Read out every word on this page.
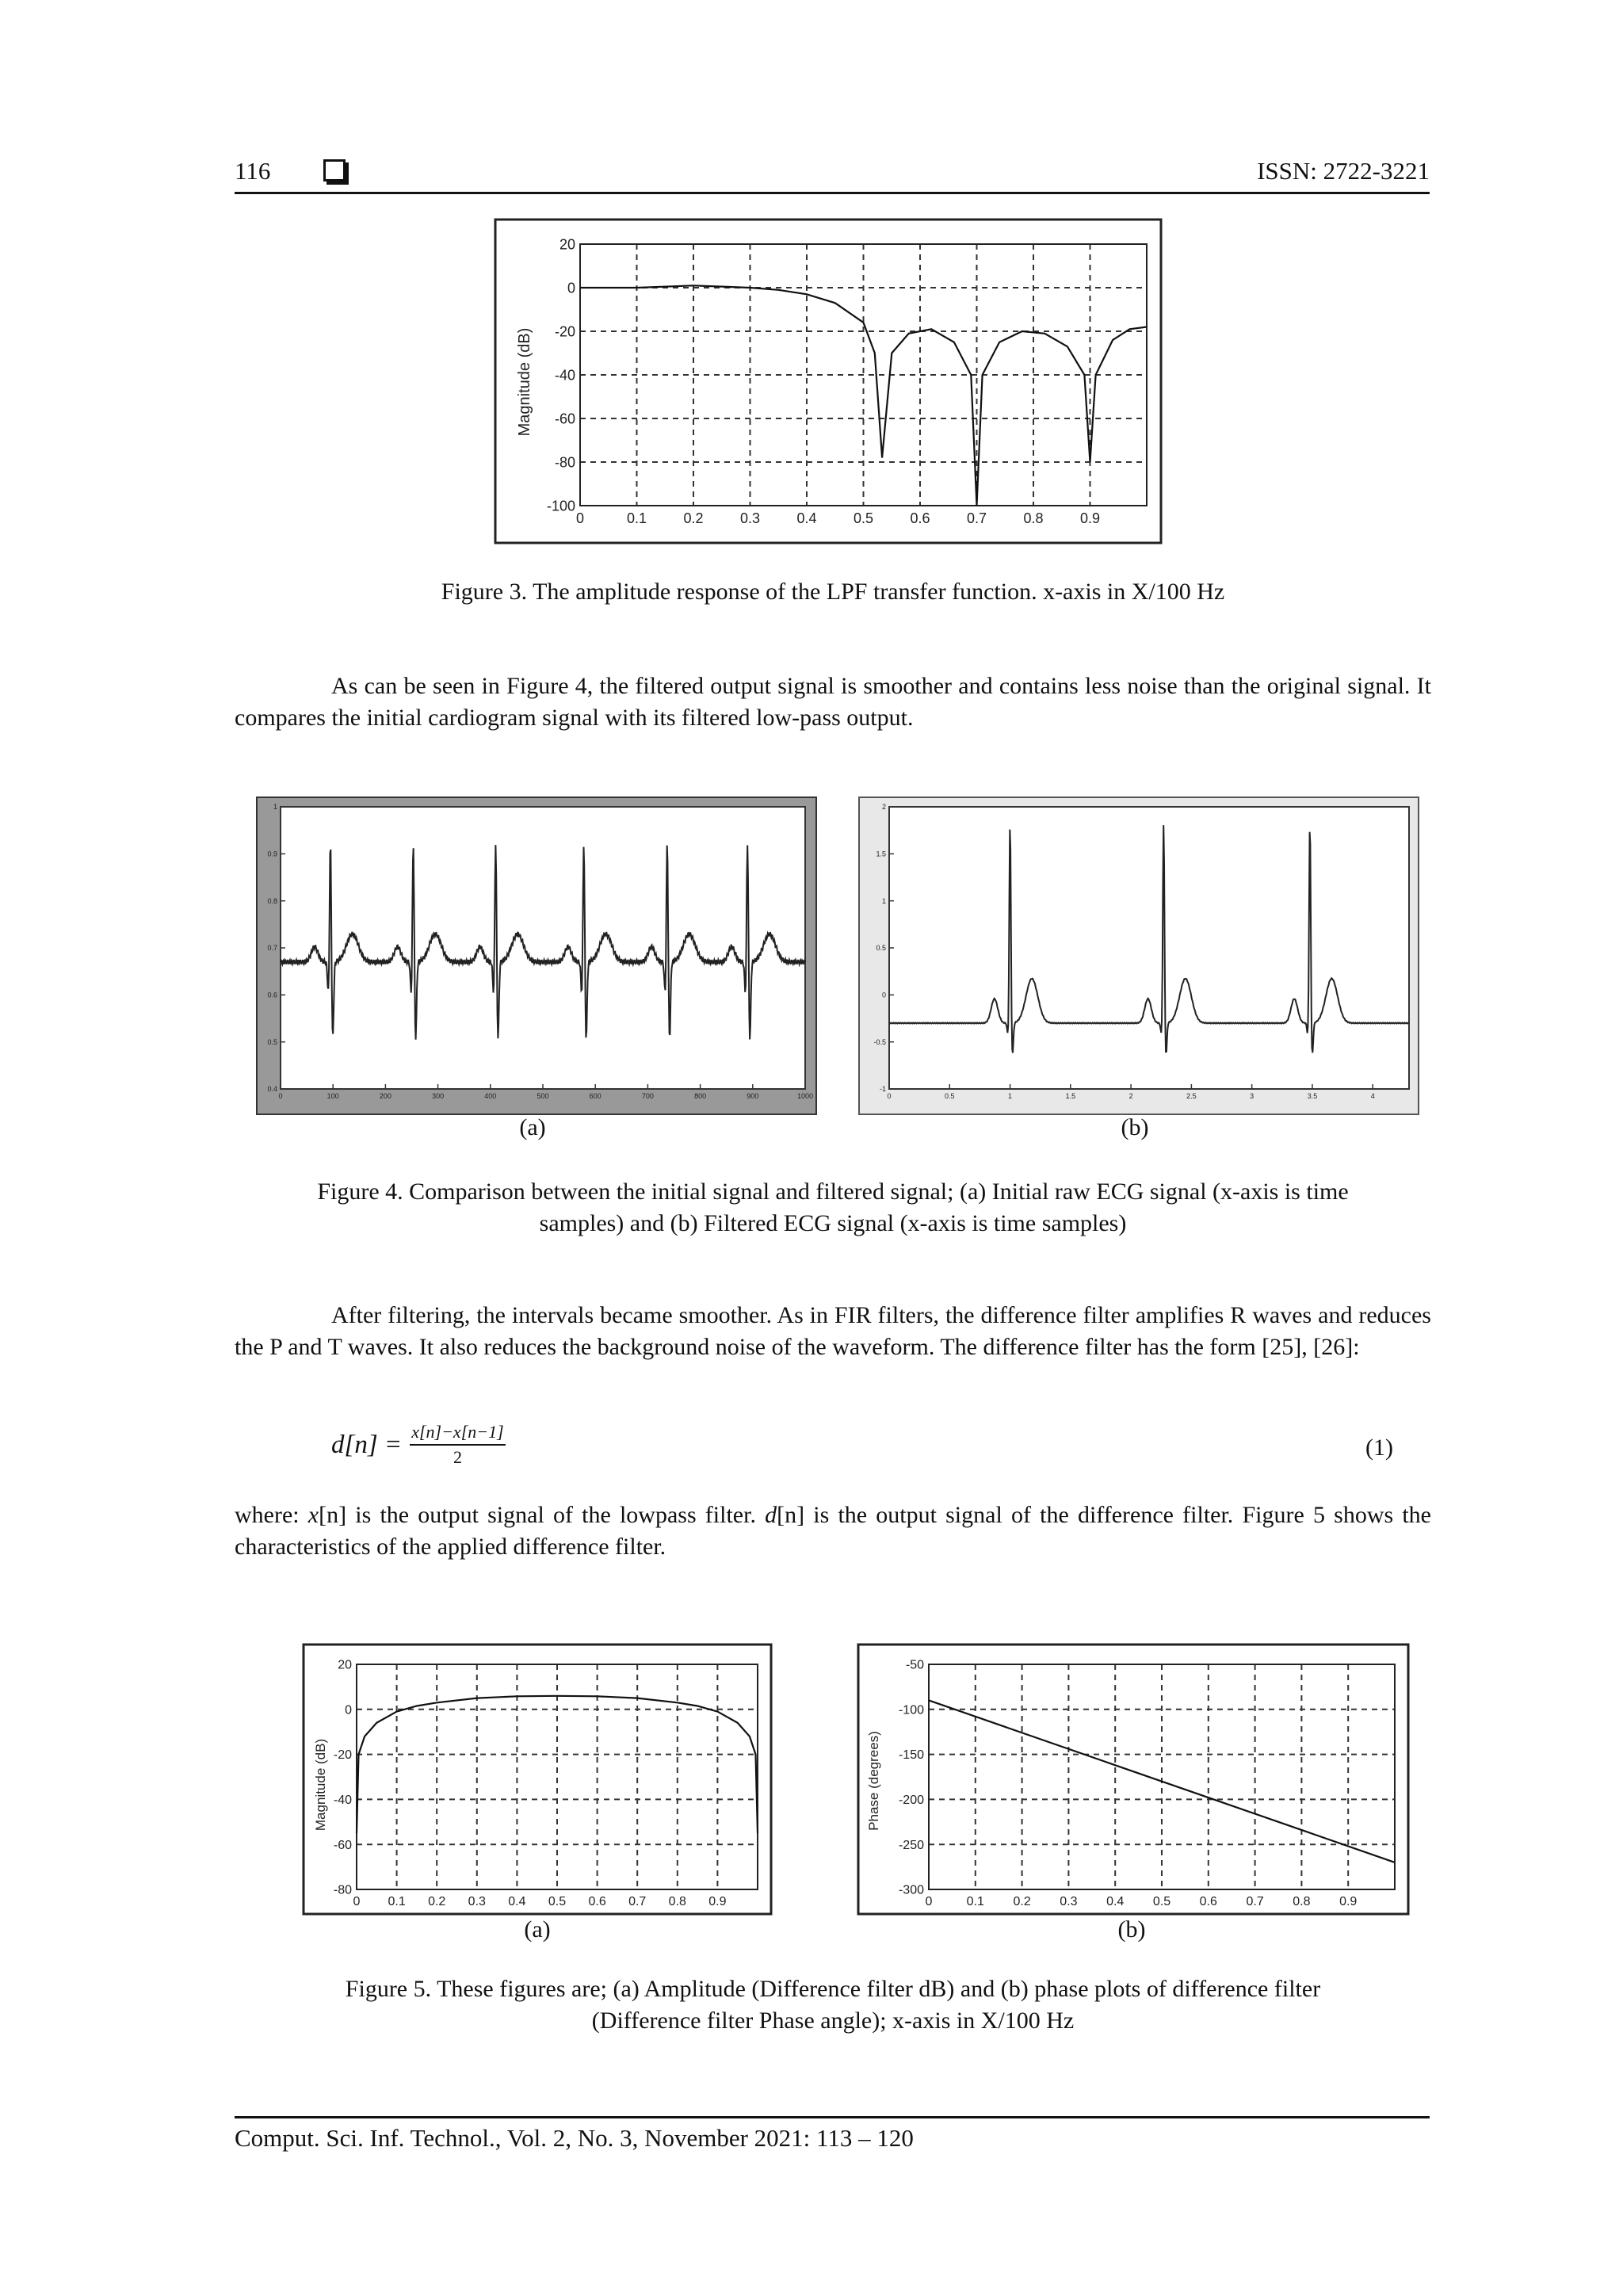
116	ISSN: 2722-3221
Magnitude (dB)
0	0.1	0.2	0.3	0.4	0.5	0.6	0.7	0.8	0.9
20
0
-20
-40
-60
-80
-100

Figure 3. The amplitude response of the LPF transfer function. x-axis in X/100 Hz

As can be seen in Figure 4, the filtered output signal is smoother and contains less noise than the original signal. It compares the initial cardiogram signal with its filtered low-pass output.

0	100	200	300	400	500	600	700	800	900	1000
1
0.9
0.8
0.7
0.6
0.5
0.4
0	0.5	1	1.5	2	2.5	3	3.5	4
2
1.5
1
0.5
0
-0.5
-1
(a)	(b)

Figure 4. Comparison between the initial signal and filtered signal; (a) Initial raw ECG signal (x-axis is time
samples) and (b) Filtered ECG signal (x-axis is time samples)

After filtering, the intervals became smoother. As in FIR filters, the difference filter amplifies R waves and reduces the P and T waves. It also reduces the background noise of the waveform. The difference filter has the form [25], [26]:

$d[n] = \frac{x[n]-x[n-1]}{2}$	(1)

where: x[n] is the output signal of the lowpass filter. d[n] is the output signal of the difference filter. Figure 5 shows the characteristics of the applied difference filter.

Magnitude (dB)
0 0.1 0.2 0.3 0.4 0.5 0.6 0.7 0.8 0.9
20
0
-20
-40
-60
-80
Phase (degrees)
0	0.1 0.2 0.3 0.4 0.5 0.6 0.7 0.8 0.9
-50
-100
-150
-200
-250
-300
(a)	(b)

Figure 5. These figures are; (a) Amplitude (Difference filter dB) and (b) phase plots of difference filter
(Difference filter Phase angle); x-axis in X/100 Hz

Comput. Sci. Inf. Technol., Vol. 2, No. 3, November 2021: 113 – 120
